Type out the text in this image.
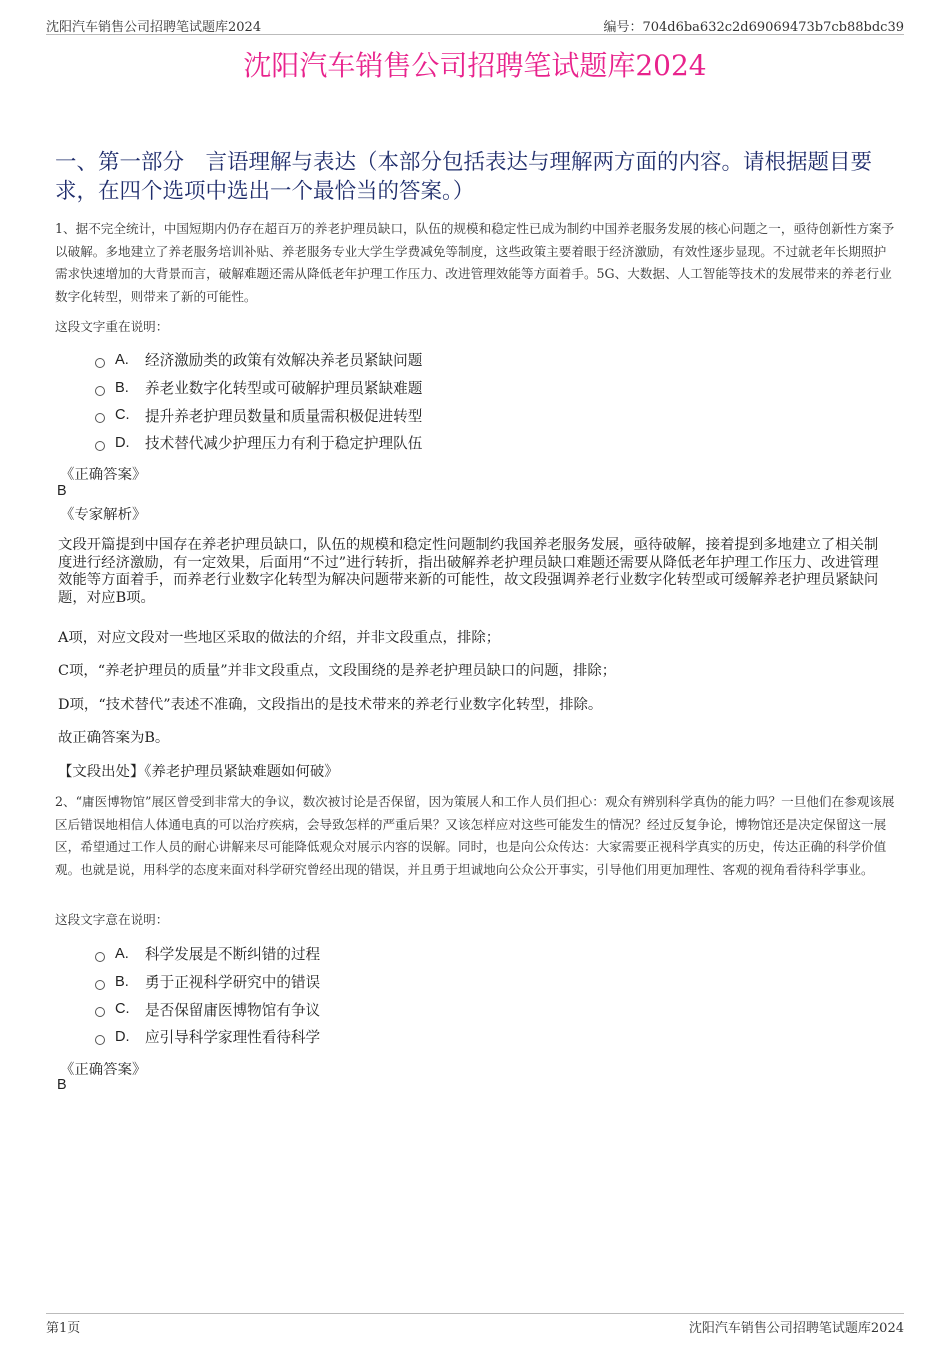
沈阳汽车销售公司招聘笔试题库2024	编号：704d6ba632c2d69069473b7cb88bdc39
沈阳汽车销售公司招聘笔试题库2024
一、第一部分　言语理解与表达（本部分包括表达与理解两方面的内容。请根据题目要求，在四个选项中选出一个最恰当的答案。）
1、据不完全统计，中国短期内仍存在超百万的养老护理员缺口，队伍的规模和稳定性已成为制约中国养老服务发展的核心问题之一，亟待创新性方案予以破解。多地建立了养老服务培训补贴、养老服务专业大学生学费减免等制度，这些政策主要着眼于经济激励，有效性逐步显现。不过就老年长期照护需求快速增加的大背景而言，破解难题还需从降低老年护理工作压力、改进管理效能等方面着手。5G、大数据、人工智能等技术的发展带来的养老行业数字化转型，则带来了新的可能性。
这段文字重在说明：
A.	经济激励类的政策有效解决养老员紧缺问题
B.	养老业数字化转型或可破解护理员紧缺难题
C.	提升养老护理员数量和质量需积极促进转型
D.	技术替代减少护理压力有利于稳定护理队伍
《正确答案》
B
《专家解析》
文段开篇提到中国存在养老护理员缺口，队伍的规模和稳定性问题制约我国养老服务发展，亟待破解，接着提到多地建立了相关制度进行经济激励，有一定效果，后面用“不过”进行转折，指出破解养老护理员缺口难题还需要从降低老年护理工作压力、改进管理效能等方面着手，而养老行业数字化转型为解决问题带来新的可能性，故文段强调养老行业数字化转型或可缓解养老护理员紧缺问题，对应B项。
A项，对应文段对一些地区采取的做法的介绍，并非文段重点，排除；
C项，“养老护理员的质量”并非文段重点，文段围绕的是养老护理员缺口的问题，排除；
D项，“技术替代”表述不准确，文段指出的是技术带来的养老行业数字化转型，排除。
故正确答案为B。
【文段出处】《养老护理员紧缺难题如何破》
2、“庸医博物馆”展区曾受到非常大的争议，数次被讨论是否保留，因为策展人和工作人员们担心：观众有辨别科学真伪的能力吗？一旦他们在参观该展区后错误地相信人体通电真的可以治疗疾病，会导致怎样的严重后果？又该怎样应对这些可能发生的情况？经过反复争论，博物馆还是决定保留这一展区，希望通过工作人员的耐心讲解来尽可能降低观众对展示内容的误解。同时，也是向公众传达：大家需要正视科学真实的历史，传达正确的科学价值观。也就是说，用科学的态度来面对科学研究曾经出现的错误，并且勇于坦诚地向公众公开事实，引导他们用更加理性、客观的视角看待科学事业。
这段文字意在说明：
A.	科学发展是不断纠错的过程
B.	勇于正视科学研究中的错误
C.	是否保留庸医博物馆有争议
D.	应引导科学家理性看待科学
《正确答案》
B
第1页	沈阳汽车销售公司招聘笔试题库2024
